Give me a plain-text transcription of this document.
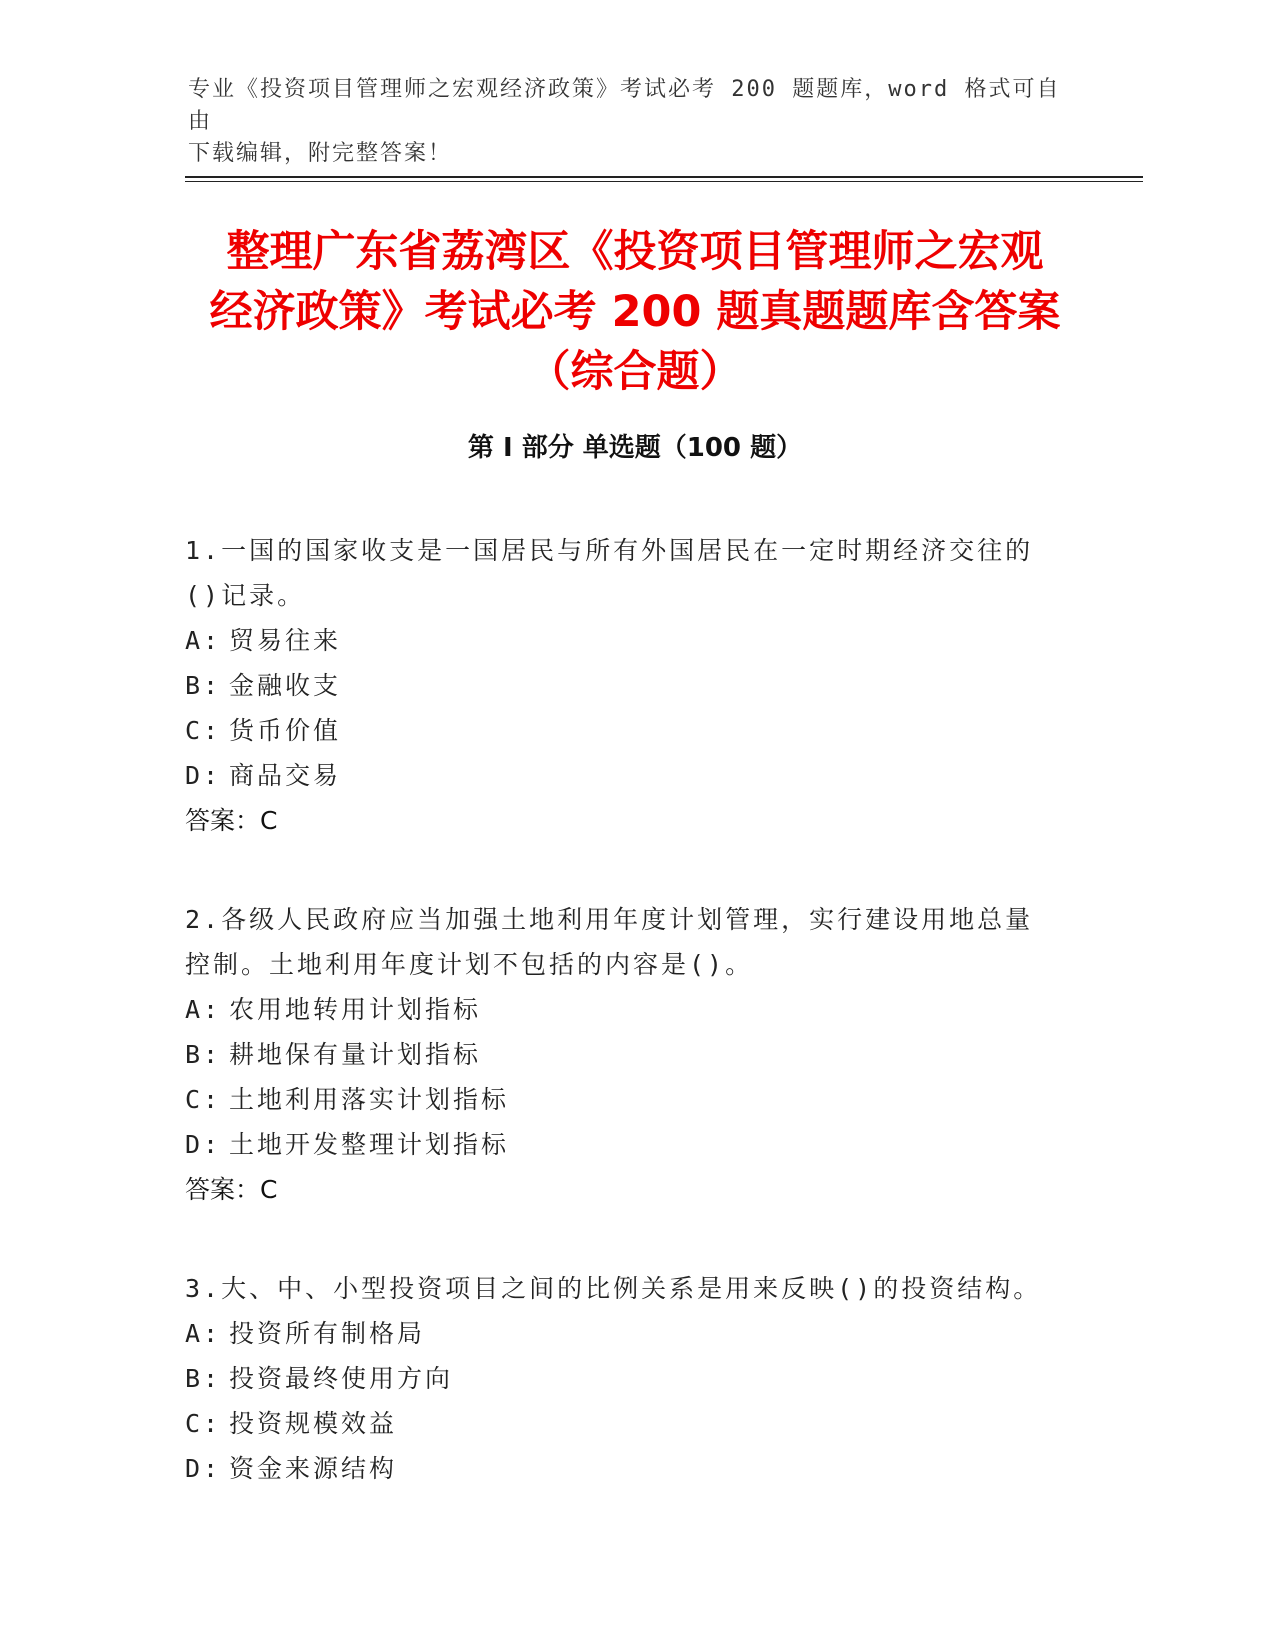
专业《投资项目管理师之宏观经济政策》考试必考 200 题题库，word 格式可自由
下载编辑，附完整答案！
整理广东省荔湾区《投资项目管理师之宏观
经济政策》考试必考 200 题真题题库含答案
（综合题）
第 I 部分 单选题（100 题）

1.一国的国家收支是一国居民与所有外国居民在一定时期经济交往的

()记录。

A: 贸易往来

B: 金融收支

C: 货币价值

D: 商品交易

答案：C

2.各级人民政府应当加强土地利用年度计划管理，实行建设用地总量

控制。土地利用年度计划不包括的内容是()。

A: 农用地转用计划指标

B: 耕地保有量计划指标

C: 土地利用落实计划指标

D: 土地开发整理计划指标

答案：C

3.大、中、小型投资项目之间的比例关系是用来反映()的投资结构。

A: 投资所有制格局

B: 投资最终使用方向

C: 投资规模效益

D: 资金来源结构
